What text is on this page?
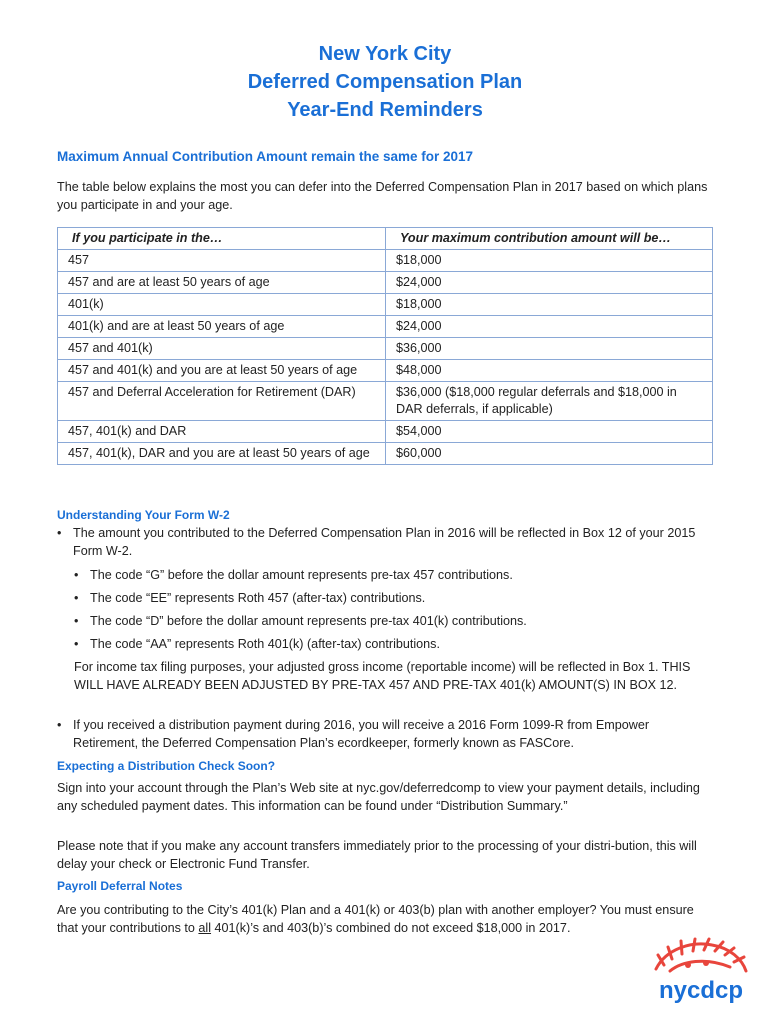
New York City
Deferred Compensation Plan
Year-End Reminders
Maximum Annual Contribution Amount remain the same for 2017
The table below explains the most you can defer into the Deferred Compensation Plan in 2017 based on which plans you participate in and your age.
If you participate in the…	Your maximum contribution amount will be…
457	$18,000
457 and are at least 50 years of age	$24,000
401(k)	$18,000
401(k) and are at least 50 years of age	$24,000
457 and 401(k)	$36,000
457 and 401(k) and you are at least 50 years of age	$48,000
457 and Deferral Acceleration for Retirement (DAR)	$36,000 ($18,000 regular deferrals and $18,000 in DAR deferrals, if applicable)
457, 401(k) and DAR	$54,000
457, 401(k), DAR and you are at least 50 years of age	$60,000
Understanding Your Form W-2
• The amount you contributed to the Deferred Compensation Plan in 2016 will be reflected in Box 12 of your 2015 Form W-2.
• The code “G” before the dollar amount represents pre-tax 457 contributions.
• The code “EE” represents Roth 457 (after-tax) contributions.
• The code “D” before the dollar amount represents pre-tax 401(k) contributions.
• The code “AA” represents Roth 401(k) (after-tax) contributions.
For income tax filing purposes, your adjusted gross income (reportable income) will be reflected in Box 1. THIS WILL HAVE ALREADY BEEN ADJUSTED BY PRE-TAX 457 AND PRE-TAX 401(k) AMOUNT(S) IN BOX 12.
• If you received a distribution payment during 2016, you will receive a 2016 Form 1099-R from Empower Retirement, the Deferred Compensation Plan’s ecordkeeper, formerly known as FASCore.
Expecting a Distribution Check Soon?
Sign into your account through the Plan’s Web site at nyc.gov/deferredcomp to view your payment details, including any scheduled payment dates. This information can be found under “Distribution Summary.”
Please note that if you make any account transfers immediately prior to the processing of your distri-bution, this will delay your check or Electronic Fund Transfer.
Payroll Deferral Notes
Are you contributing to the City’s 401(k) Plan and a 401(k) or 403(b) plan with another employer? You must ensure that your contributions to all 401(k)’s and 403(b)’s combined do not exceed $18,000 in 2017.
nycdcp
